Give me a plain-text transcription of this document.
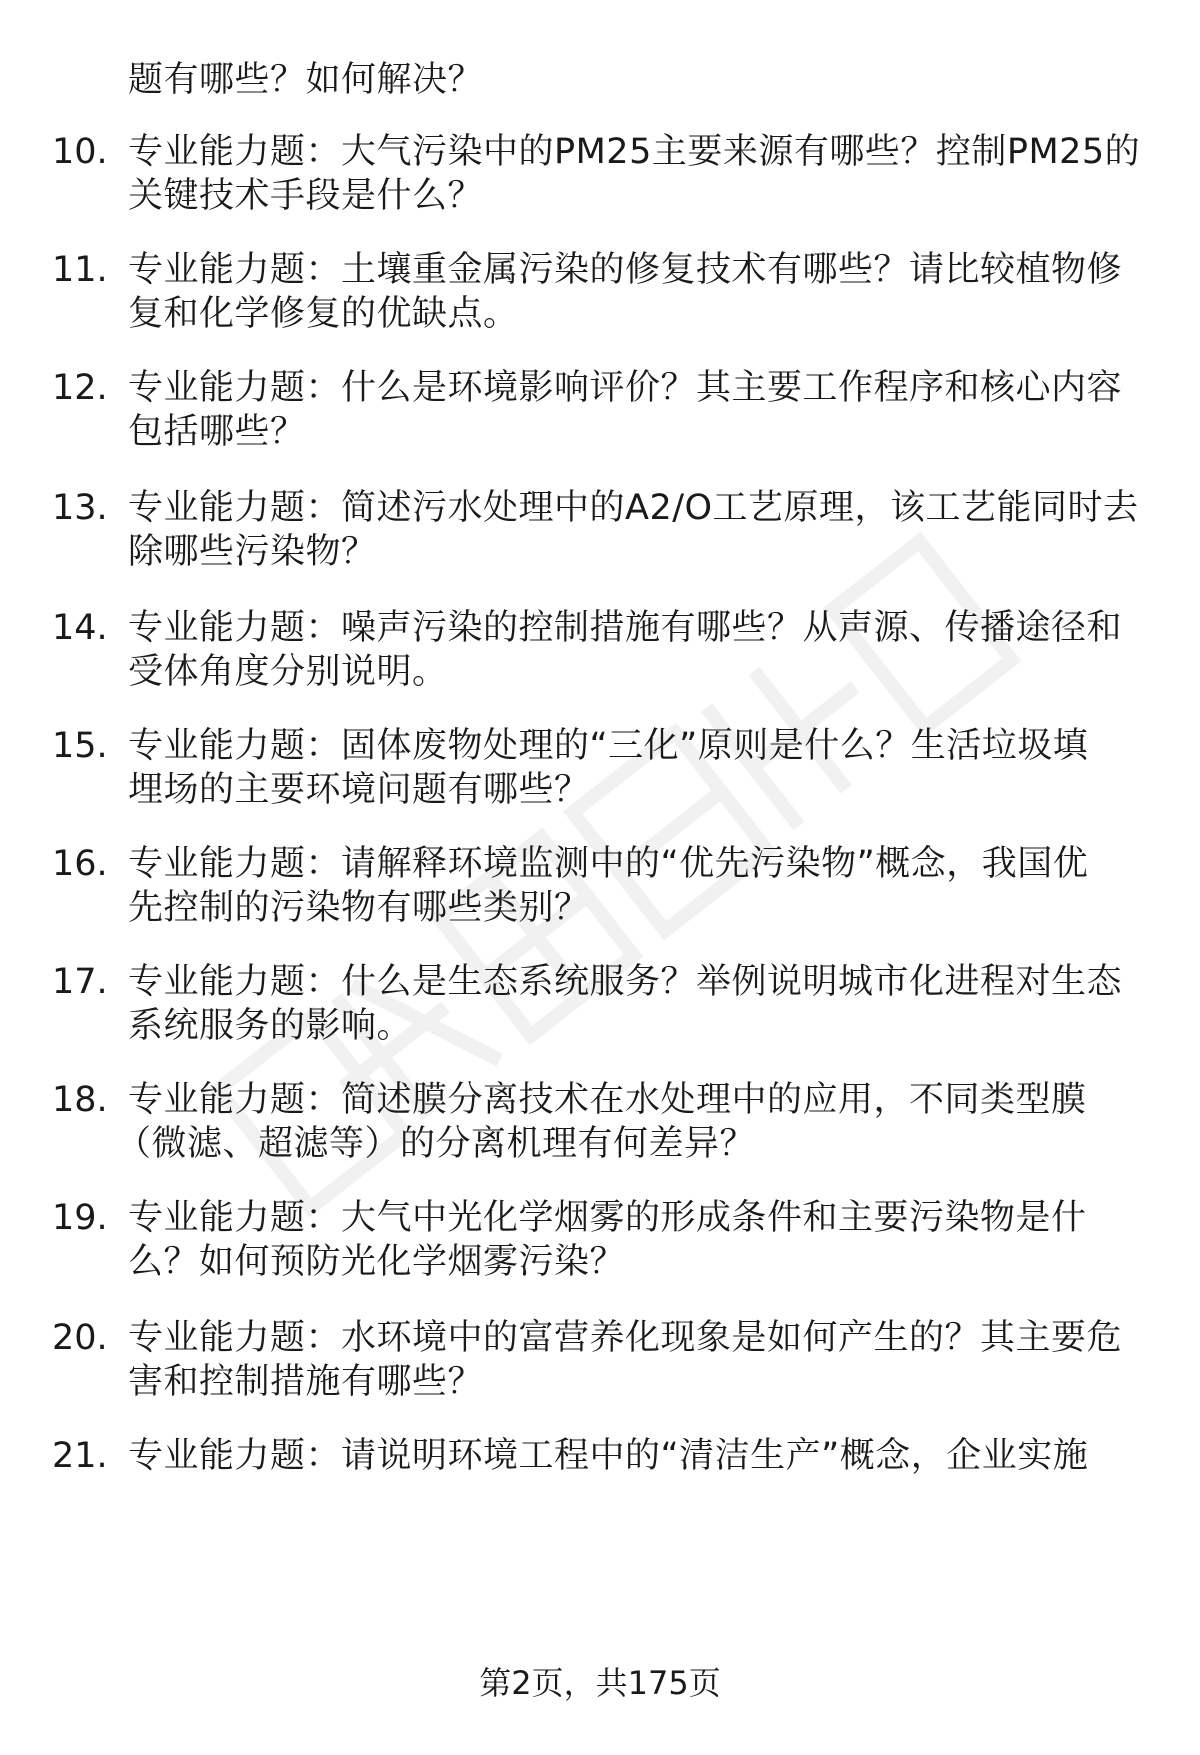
题有哪些？如何解决？
10. 专业能力题：大气污染中的PM25主要来源有哪些？控制PM25的
关键技术手段是什么？
11. 专业能力题：土壤重金属污染的修复技术有哪些？请比较植物修
复和化学修复的优缺点。
12. 专业能力题：什么是环境影响评价？其主要工作程序和核心内容
包括哪些？
13. 专业能力题：简述污水处理中的A2/O工艺原理，该工艺能同时去
除哪些污染物？
14. 专业能力题：噪声污染的控制措施有哪些？从声源、传播途径和
受体角度分别说明。
15. 专业能力题：固体废物处理的“三化”原则是什么？生活垃圾填
埋场的主要环境问题有哪些？
16. 专业能力题：请解释环境监测中的“优先污染物”概念，我国优
先控制的污染物有哪些类别？
17. 专业能力题：什么是生态系统服务？举例说明城市化进程对生态
系统服务的影响。
18. 专业能力题：简述膜分离技术在水处理中的应用，不同类型膜
（微滤、超滤等）的分离机理有何差异？
19. 专业能力题：大气中光化学烟雾的形成条件和主要污染物是什
么？如何预防光化学烟雾污染？
20. 专业能力题：水环境中的富营养化现象是如何产生的？其主要危
害和控制措施有哪些？
21. 专业能力题：请说明环境工程中的“清洁生产”概念，企业实施
第2页，共175页
